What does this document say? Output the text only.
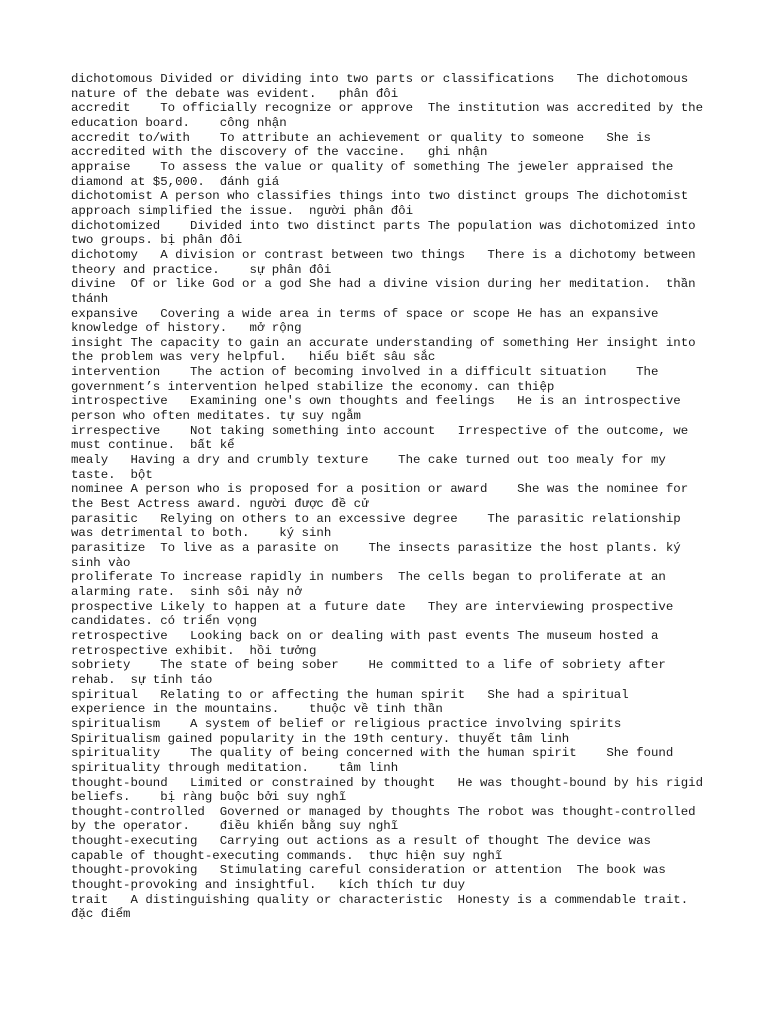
dichotomous	Divided or dividing into two parts or classifications	The dichotomous nature of the debate was evident.	phân đôi

accredit	To officially recognize or approve	The institution was accredited by the education board.	công nhận

accredit to/with	To attribute an achievement or quality to someone	She is accredited with the discovery of the vaccine.	ghi nhận

appraise	To assess the value or quality of something	The jeweler appraised the diamond at $5,000.	đánh giá

dichotomist	A person who classifies things into two distinct groups	The dichotomist approach simplified the issue.	người phân đôi

dichotomized	Divided into two distinct parts	The population was dichotomized into two groups.	bị phân đôi

dichotomy	A division or contrast between two things	There is a dichotomy between theory and practice.	sự phân đôi

divine	Of or like God or a god	She had a divine vision during her meditation.	thần thánh

expansive	Covering a wide area in terms of space or scope	He has an expansive knowledge of history.	mở rộng

insight	The capacity to gain an accurate understanding of something	Her insight into the problem was very helpful.	hiểu biết sâu sắc

intervention	The action of becoming involved in a difficult situation	The government’s intervention helped stabilize the economy.	can thiệp

introspective	Examining one's own thoughts and feelings	He is an introspective person who often meditates.	tự suy ngẫm

irrespective	Not taking something into account	Irrespective of the outcome, we must continue.	bất kể

mealy	Having a dry and crumbly texture	The cake turned out too mealy for my taste.	bột

nominee	A person who is proposed for a position or award	She was the nominee for the Best Actress award.	người được đề cử

parasitic	Relying on others to an excessive degree	The parasitic relationship was detrimental to both.	ký sinh

parasitize	To live as a parasite on	The insects parasitize the host plants.	ký sinh vào

proliferate	To increase rapidly in numbers	The cells began to proliferate at an alarming rate.	sinh sôi nảy nở

prospective	Likely to happen at a future date	They are interviewing prospective candidates.	có triển vọng

retrospective	Looking back on or dealing with past events	The museum hosted a retrospective exhibit.	hồi tưởng

sobriety	The state of being sober	He committed to a life of sobriety after rehab.	sự tỉnh táo

spiritual	Relating to or affecting the human spirit	She had a spiritual experience in the mountains.	thuộc về tinh thần

spiritualism	A system of belief or religious practice involving spirits	Spiritualism gained popularity in the 19th century.	thuyết tâm linh

spirituality	The quality of being concerned with the human spirit	She found spirituality through meditation.	tâm linh

thought-bound	Limited or constrained by thought	He was thought-bound by his rigid beliefs.	bị ràng buộc bởi suy nghĩ

thought-controlled	Governed or managed by thoughts	The robot was thought-controlled by the operator.	điều khiển bằng suy nghĩ

thought-executing	Carrying out actions as a result of thought	The device was capable of thought-executing commands.	thực hiện suy nghĩ

thought-provoking	Stimulating careful consideration or attention	The book was thought-provoking and insightful.	kích thích tư duy

trait	A distinguishing quality or characteristic	Honesty is a commendable trait.	đặc điểm
